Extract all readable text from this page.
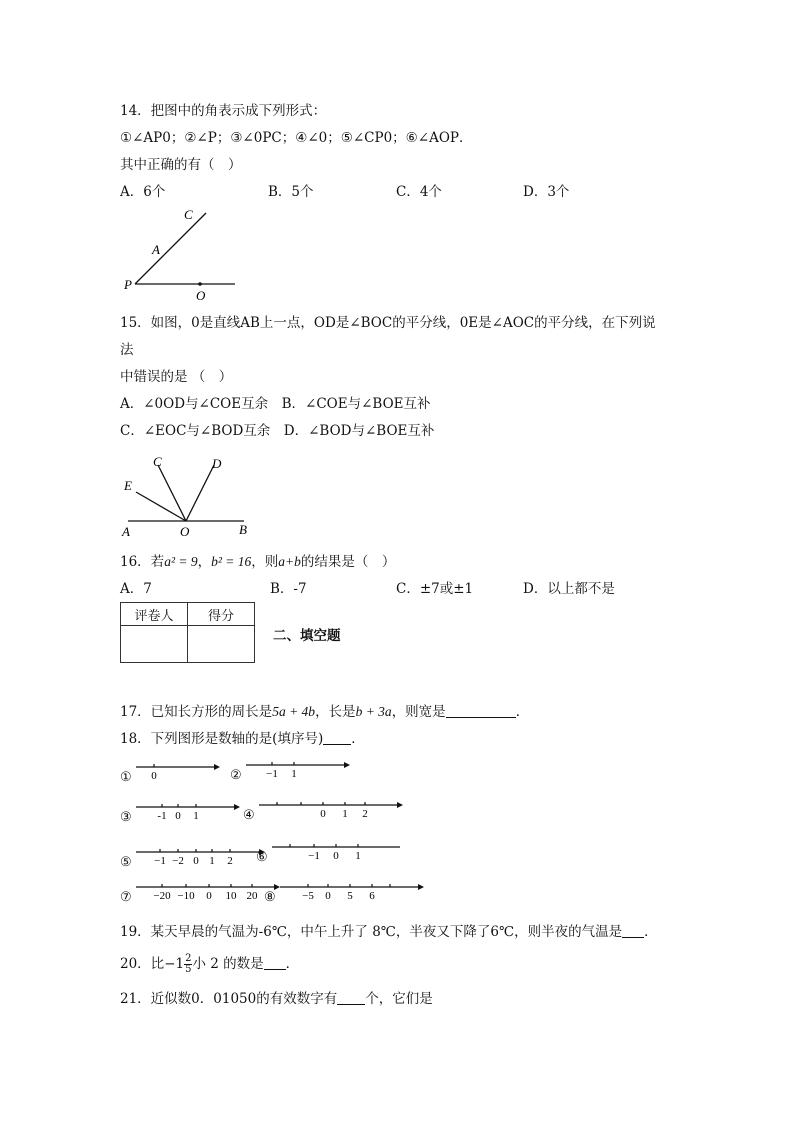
14．把图中的角表示成下列形式：
①∠AP0；②∠P；③∠0PC；④∠0；⑤∠CP0；⑥∠AOP．
其中正确的有（　）
A．6个	B．5个	C．4个	D．3个
C
A
P
O
15．如图，0是直线AB上一点，OD是∠BOC的平分线，0E是∠AOC的平分线，在下列说
法
中错误的是 （　）
A．∠0OD与∠COE互余　B．∠COE与∠BOE互补
C．∠EOC与∠BOD互余　D．∠BOD与∠BOE互补
C	D
E
A	O	B
16．若a² = 9，b² = 16，则a+b的结果是（　）
A．7	B．-7	C．±7或±1	D．以上都不是
评卷人	得分

二、填空题
17．已知长方形的周长是5a + 4b，长是b + 3a，则宽是	．
18．下列图形是数轴的是(填序号) ．
① 0	② −1 1
③ -1 0 1	④	0 1 2
⑤ −1 −2 0 1 2 ⑥	−1 0 1
⑦ −20 −10 0 10 20 ⑧ −5 0 5 6
19．某天早晨的气温为-6℃，中午上升了 8℃，半夜又下降了6℃，则半夜的气温是 ．
20．比$-1 \frac{2}{5}$ 小 2 的数是 ．
21．近似数0．01050的有效数字有 个，它们是
